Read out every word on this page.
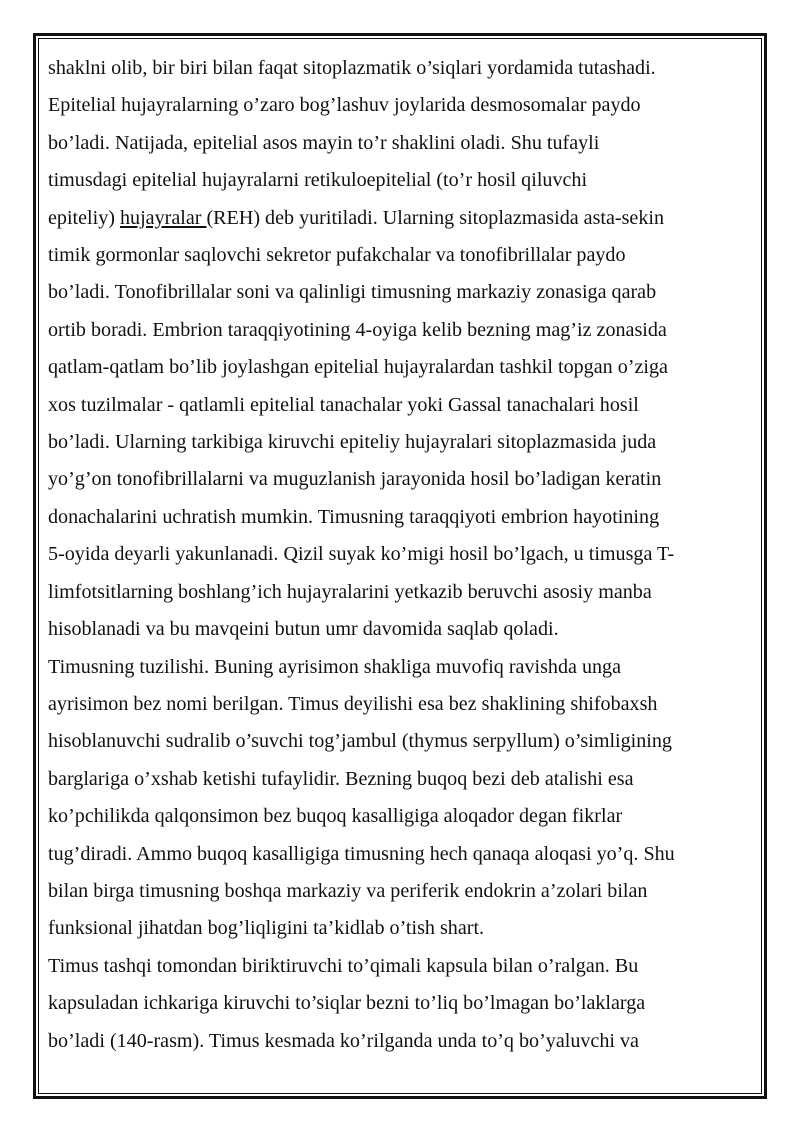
shaklni olib, bir biri bilan faqat sitoplazmatik o’siqlari yordamida tutashadi.
Epitelial hujayralarning o’zaro bog’lashuv joylarida desmosomalar paydo
bo’ladi. Natijada, epitelial asos mayin to’r shaklini oladi. Shu tufayli
timusdagi epitelial hujayralarni retikuloepitelial (to’r hosil qiluvchi
epiteliy) hujayralar (REH) deb yuritiladi. Ularning sitoplazmasida asta-sekin
timik gormonlar saqlovchi sekretor pufakchalar va tonofibrillalar paydo
bo’ladi. Tonofibrillalar soni va qalinligi timusning markaziy zonasiga qarab
ortib boradi. Embrion taraqqiyotining 4-oyiga kelib bezning mag’iz zonasida
qatlam-qatlam bo’lib joylashgan epitelial hujayralardan tashkil topgan o’ziga
xos tuzilmalar - qatlamli epitelial tanachalar yoki Gassal tanachalari hosil
bo’ladi. Ularning tarkibiga kiruvchi epiteliy hujayralari sitoplazmasida juda
yo’g’on tonofibrillalarni va muguzlanish jarayonida hosil bo’ladigan keratin
donachalarini uchratish mumkin. Timusning taraqqiyoti embrion hayotining
5-oyida deyarli yakunlanadi. Qizil suyak ko’migi hosil bo’lgach, u timusga T-
limfotsitlarning boshlang’ich hujayralarini yetkazib beruvchi asosiy manba
hisoblanadi va bu mavqeini butun umr davomida saqlab qoladi.
Timusning tuzilishi. Buning ayrisimon shakliga muvofiq ravishda unga
ayrisimon bez nomi berilgan. Timus deyilishi esa bez shaklining shifobaxsh
hisoblanuvchi sudralib o’suvchi tog’jambul (thymus serpyllum) o’simligining
barglariga o’xshab ketishi tufaylidir. Bezning buqoq bezi deb atalishi esa
ko’pchilikda qalqonsimon bez buqoq kasalligiga aloqador degan fikrlar
tug’diradi. Ammo buqoq kasalligiga timusning hech qanaqa aloqasi yo’q. Shu
bilan birga timusning boshqa markaziy va periferik endokrin a’zolari bilan
funksional jihatdan bog’liqligini ta’kidlab o’tish shart.
Timus tashqi tomondan biriktiruvchi to’qimali kapsula bilan o’ralgan. Bu
kapsuladan ichkariga kiruvchi to’siqlar bezni to’liq bo’lmagan bo’laklarga
bo’ladi (140-rasm). Timus kesmada ko’rilganda unda to’q bo’yaluvchi va
